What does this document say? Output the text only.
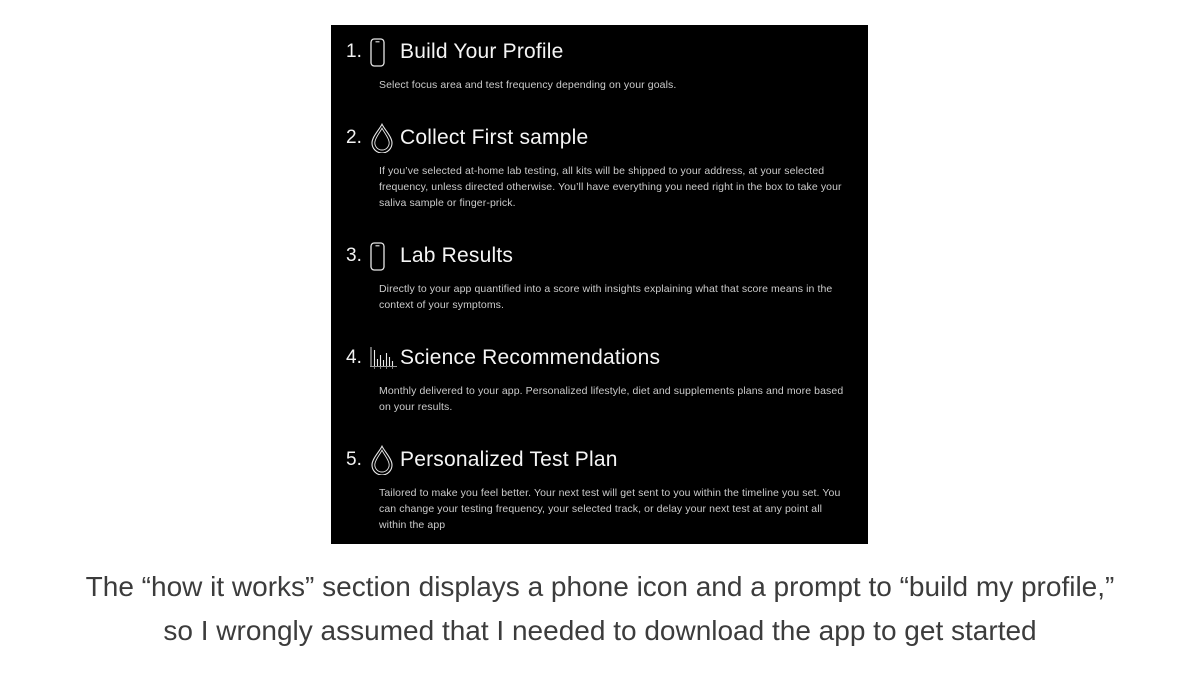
1. Build Your Profile
Select focus area and test frequency depending on your goals.
2. Collect First sample
If you’ve selected at-home lab testing, all kits will be shipped to your address, at your selected frequency, unless directed otherwise. You’ll have everything you need right in the box to take your saliva sample or finger-prick.
3. Lab Results
Directly to your app quantified into a score with insights explaining what that score means in the context of your symptoms.
4. Science Recommendations
Monthly delivered to your app. Personalized lifestyle, diet and supplements plans and more based on your results.
5. Personalized Test Plan
Tailored to make you feel better. Your next test will get sent to you within the timeline you set. You can change your testing frequency, your selected track, or delay your next test at any point all within the app
The “how it works” section displays a phone icon and a prompt to “build my profile,”
so I wrongly assumed that I needed to download the app to get started
